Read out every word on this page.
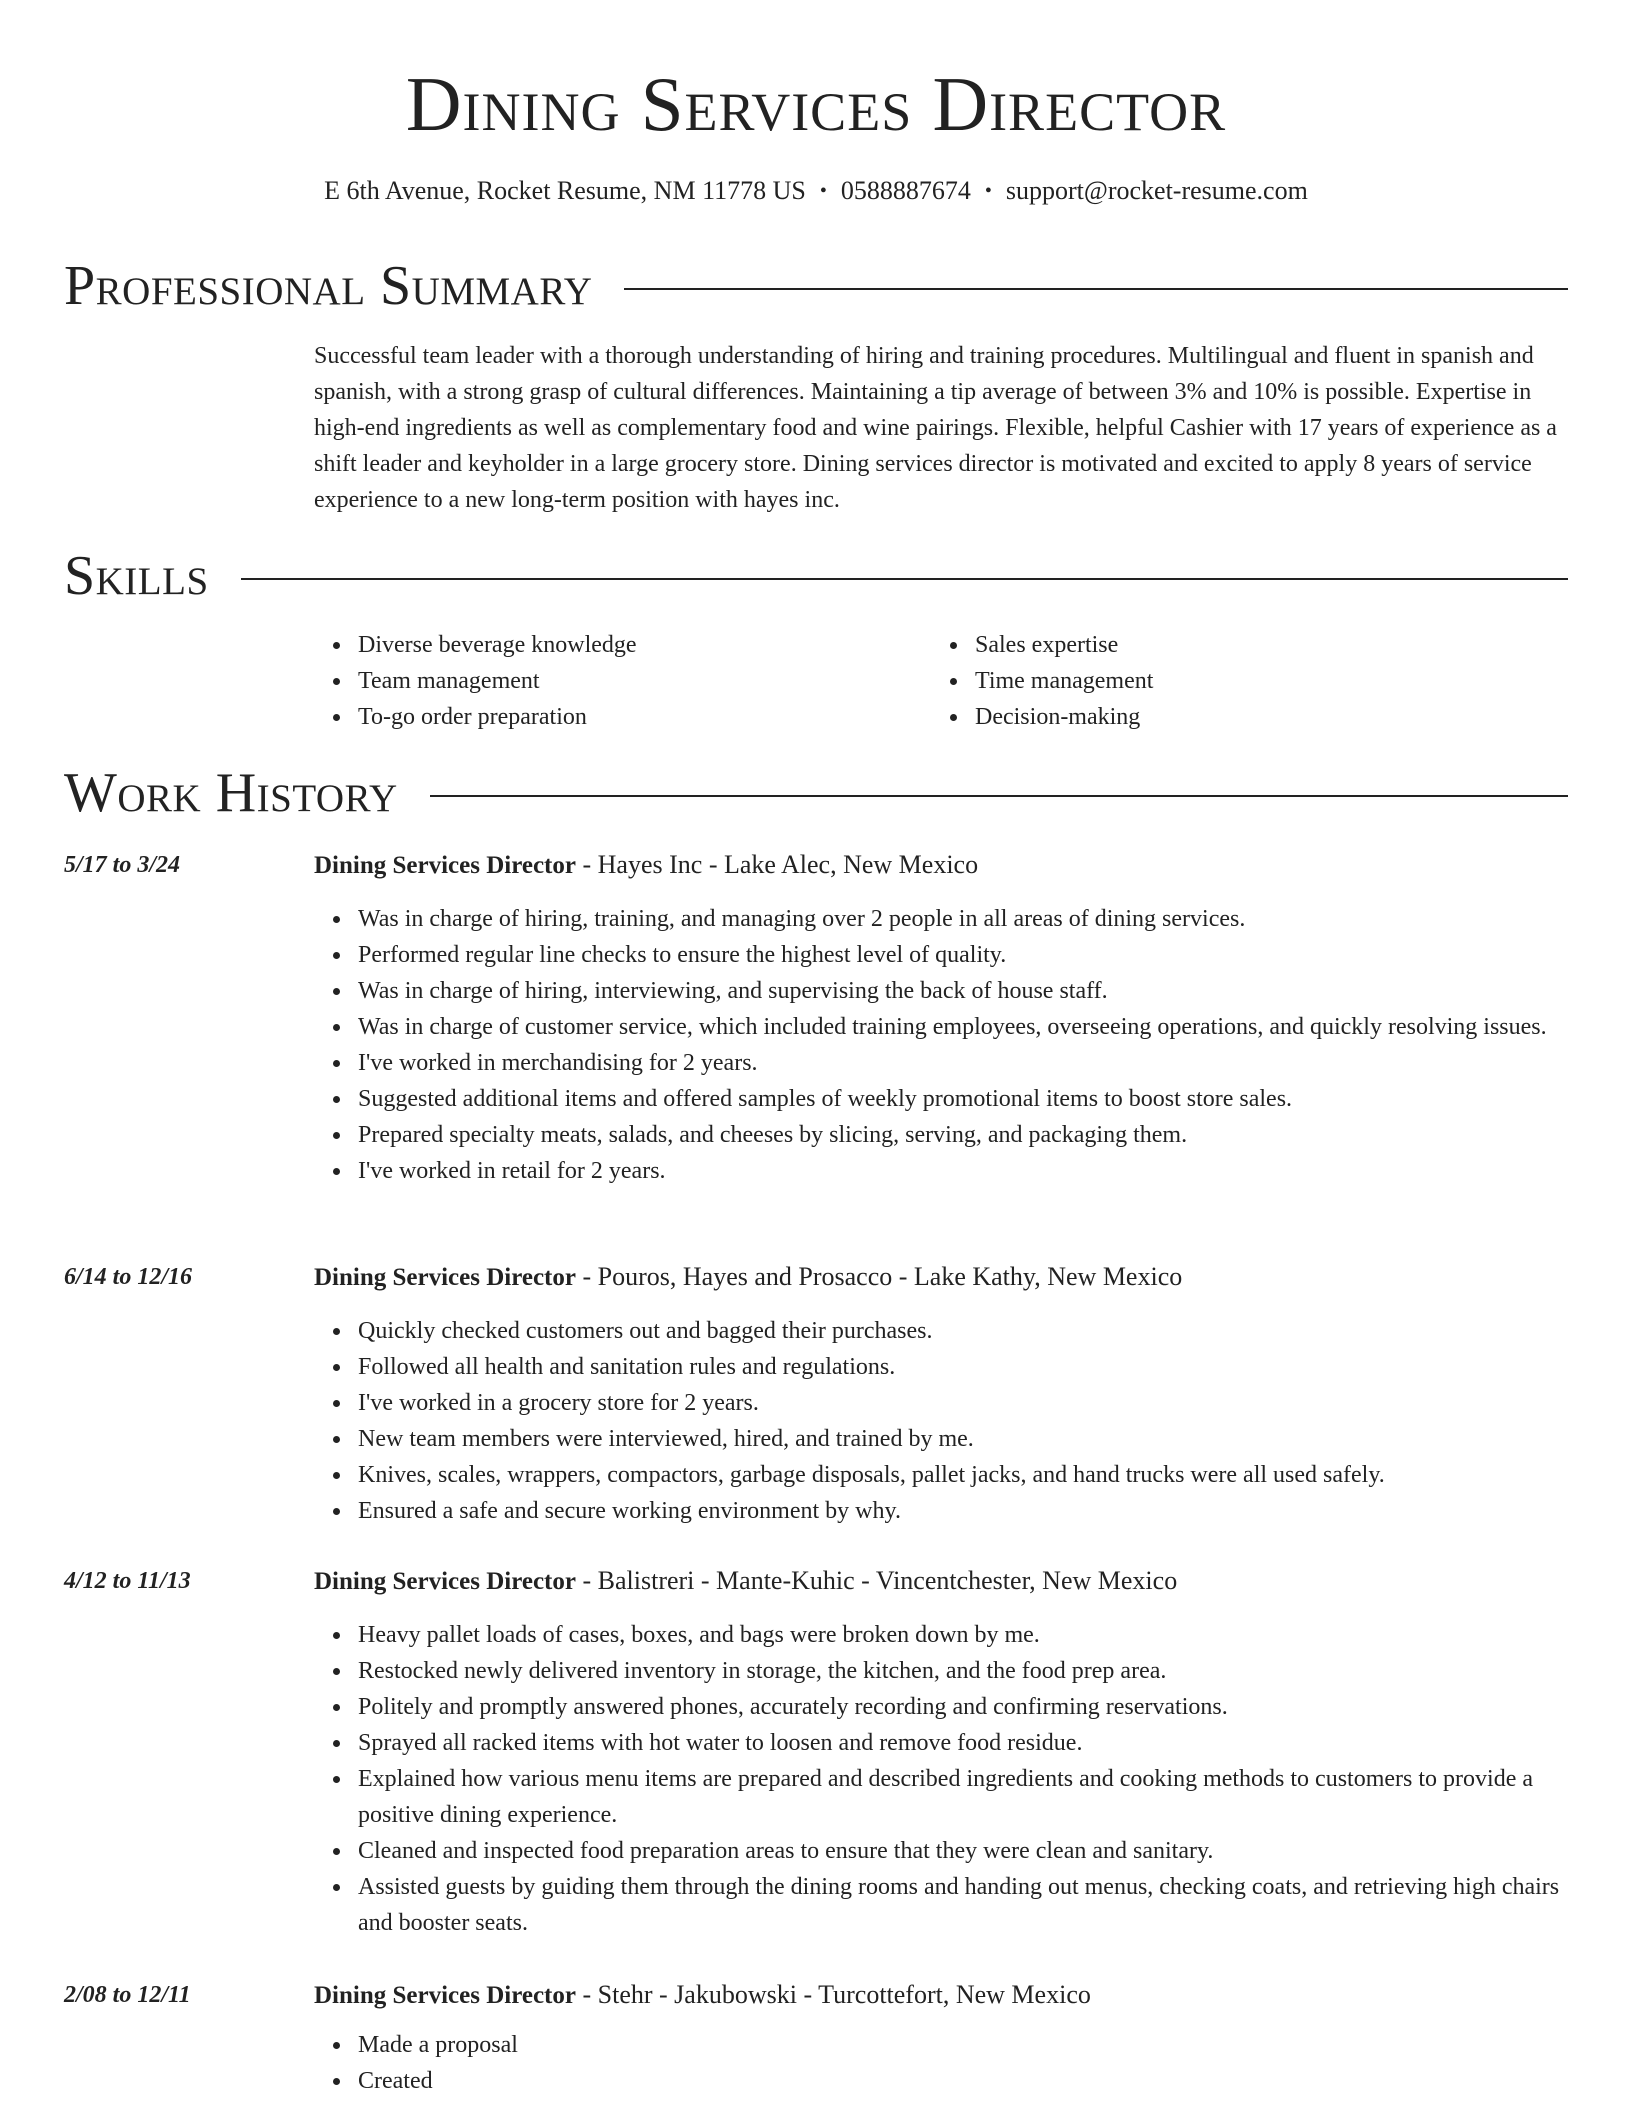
Dining Services Director
E 6th Avenue, Rocket Resume, NM 11778 US • 0588887674 • support@rocket-resume.com
Professional Summary
Successful team leader with a thorough understanding of hiring and training procedures. Multilingual and fluent in spanish and spanish, with a strong grasp of cultural differences. Maintaining a tip average of between 3% and 10% is possible. Expertise in high-end ingredients as well as complementary food and wine pairings. Flexible, helpful Cashier with 17 years of experience as a shift leader and keyholder in a large grocery store. Dining services director is motivated and excited to apply 8 years of service experience to a new long-term position with hayes inc.
Skills
Diverse beverage knowledge
Team management
To-go order preparation
Sales expertise
Time management
Decision-making
Work History
5/17 to 3/24	Dining Services Director - Hayes Inc - Lake Alec, New Mexico
Was in charge of hiring, training, and managing over 2 people in all areas of dining services.
Performed regular line checks to ensure the highest level of quality.
Was in charge of hiring, interviewing, and supervising the back of house staff.
Was in charge of customer service, which included training employees, overseeing operations, and quickly resolving issues.
I've worked in merchandising for 2 years.
Suggested additional items and offered samples of weekly promotional items to boost store sales.
Prepared specialty meats, salads, and cheeses by slicing, serving, and packaging them.
I've worked in retail for 2 years.
6/14 to 12/16	Dining Services Director - Pouros, Hayes and Prosacco - Lake Kathy, New Mexico
Quickly checked customers out and bagged their purchases.
Followed all health and sanitation rules and regulations.
I've worked in a grocery store for 2 years.
New team members were interviewed, hired, and trained by me.
Knives, scales, wrappers, compactors, garbage disposals, pallet jacks, and hand trucks were all used safely.
Ensured a safe and secure working environment by why.
4/12 to 11/13	Dining Services Director - Balistreri - Mante-Kuhic - Vincentchester, New Mexico
Heavy pallet loads of cases, boxes, and bags were broken down by me.
Restocked newly delivered inventory in storage, the kitchen, and the food prep area.
Politely and promptly answered phones, accurately recording and confirming reservations.
Sprayed all racked items with hot water to loosen and remove food residue.
Explained how various menu items are prepared and described ingredients and cooking methods to customers to provide a positive dining experience.
Cleaned and inspected food preparation areas to ensure that they were clean and sanitary.
Assisted guests by guiding them through the dining rooms and handing out menus, checking coats, and retrieving high chairs and booster seats.
2/08 to 12/11	Dining Services Director - Stehr - Jakubowski - Turcottefort, New Mexico
Made a proposal
Created
